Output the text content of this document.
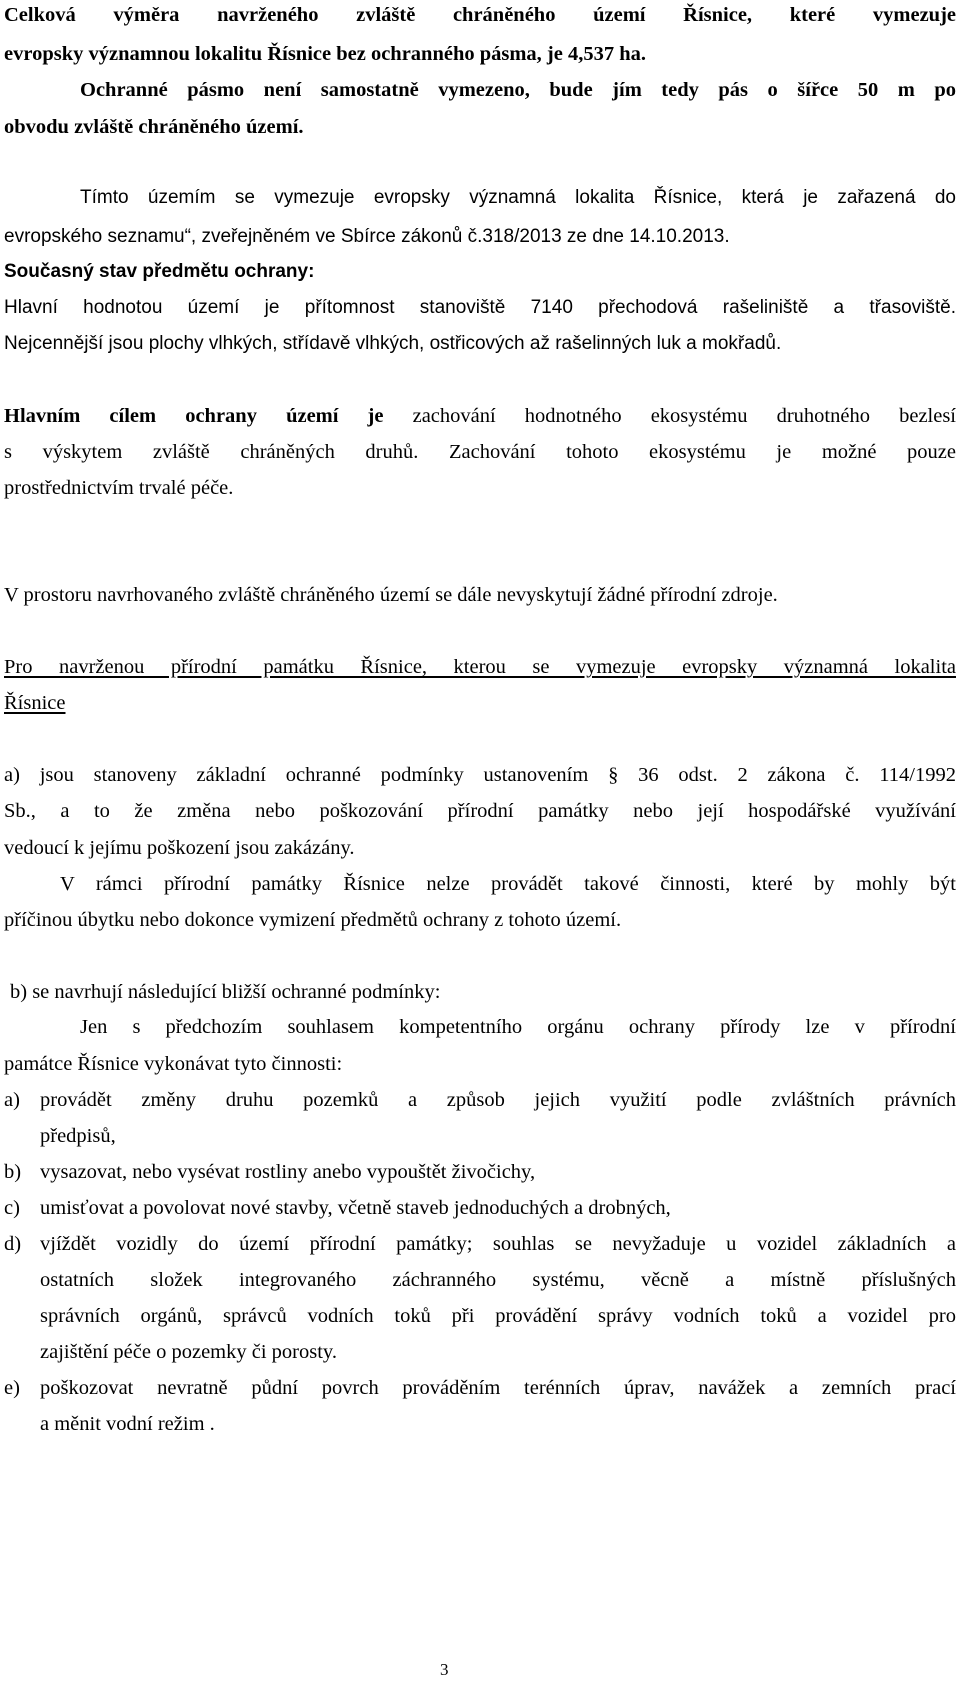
Celková výměra navrženého zvláště chráněného území Řísnice, které vymezuje
evropsky významnou lokalitu Řísnice bez ochranného pásma, je 4,537 ha.
Ochranné pásmo není samostatně vymezeno, bude jím tedy pás o šířce 50 m po
obvodu zvláště chráněného území.
Tímto územím se vymezuje evropsky významná lokalita Řísnice, která je zařazená do
evropského seznamu“, zveřejněném ve Sbírce zákonů č.318/2013 ze dne 14.10.2013.
Současný stav předmětu ochrany:
Hlavní hodnotou území je přítomnost stanoviště 7140 přechodová rašeliniště a třasoviště.
Nejcennější jsou plochy vlhkých, střídavě vlhkých, ostřicových až rašelinných luk a mokřadů.
Hlavním cílem ochrany území je zachování hodnotného ekosystému druhotného bezlesí
s výskytem zvláště chráněných druhů. Zachování tohoto ekosystému je možné pouze
prostřednictvím trvalé péče.
V prostoru navrhovaného zvláště chráněného území se dále nevyskytují žádné přírodní zdroje.
Pro navrženou přírodní památku Řísnice, kterou se vymezuje evropsky významná lokalita
Řísnice
a) jsou stanoveny základní ochranné podmínky ustanovením § 36 odst. 2 zákona č. 114/1992
Sb., a to že změna nebo poškozování přírodní památky nebo její hospodářské využívání
vedoucí k jejímu poškození jsou zakázány.
V rámci přírodní památky Řísnice nelze provádět takové činnosti, které by mohly být
příčinou úbytku nebo dokonce vymizení předmětů ochrany z tohoto území.
b) se navrhují následující bližší ochranné podmínky:
Jen s předchozím souhlasem kompetentního orgánu ochrany přírody lze v přírodní
památce Řísnice vykonávat tyto činnosti:
a) provádět změny druhu pozemků a způsob jejich využití podle zvláštních právních
předpisů,
b) vysazovat, nebo vysévat rostliny anebo vypouštět živočichy,
c) umisťovat a povolovat nové stavby, včetně staveb jednoduchých a drobných,
d) vjíždět vozidly do území přírodní památky; souhlas se nevyžaduje u vozidel základních a
ostatních složek integrovaného záchranného systému, věcně a místně příslušných
správních orgánů, správců vodních toků při provádění správy vodních toků a vozidel pro
zajištění péče o pozemky či porosty.
e) poškozovat nevratně půdní povrch prováděním terénních úprav, navážek a zemních prací
a měnit vodní režim .
3
